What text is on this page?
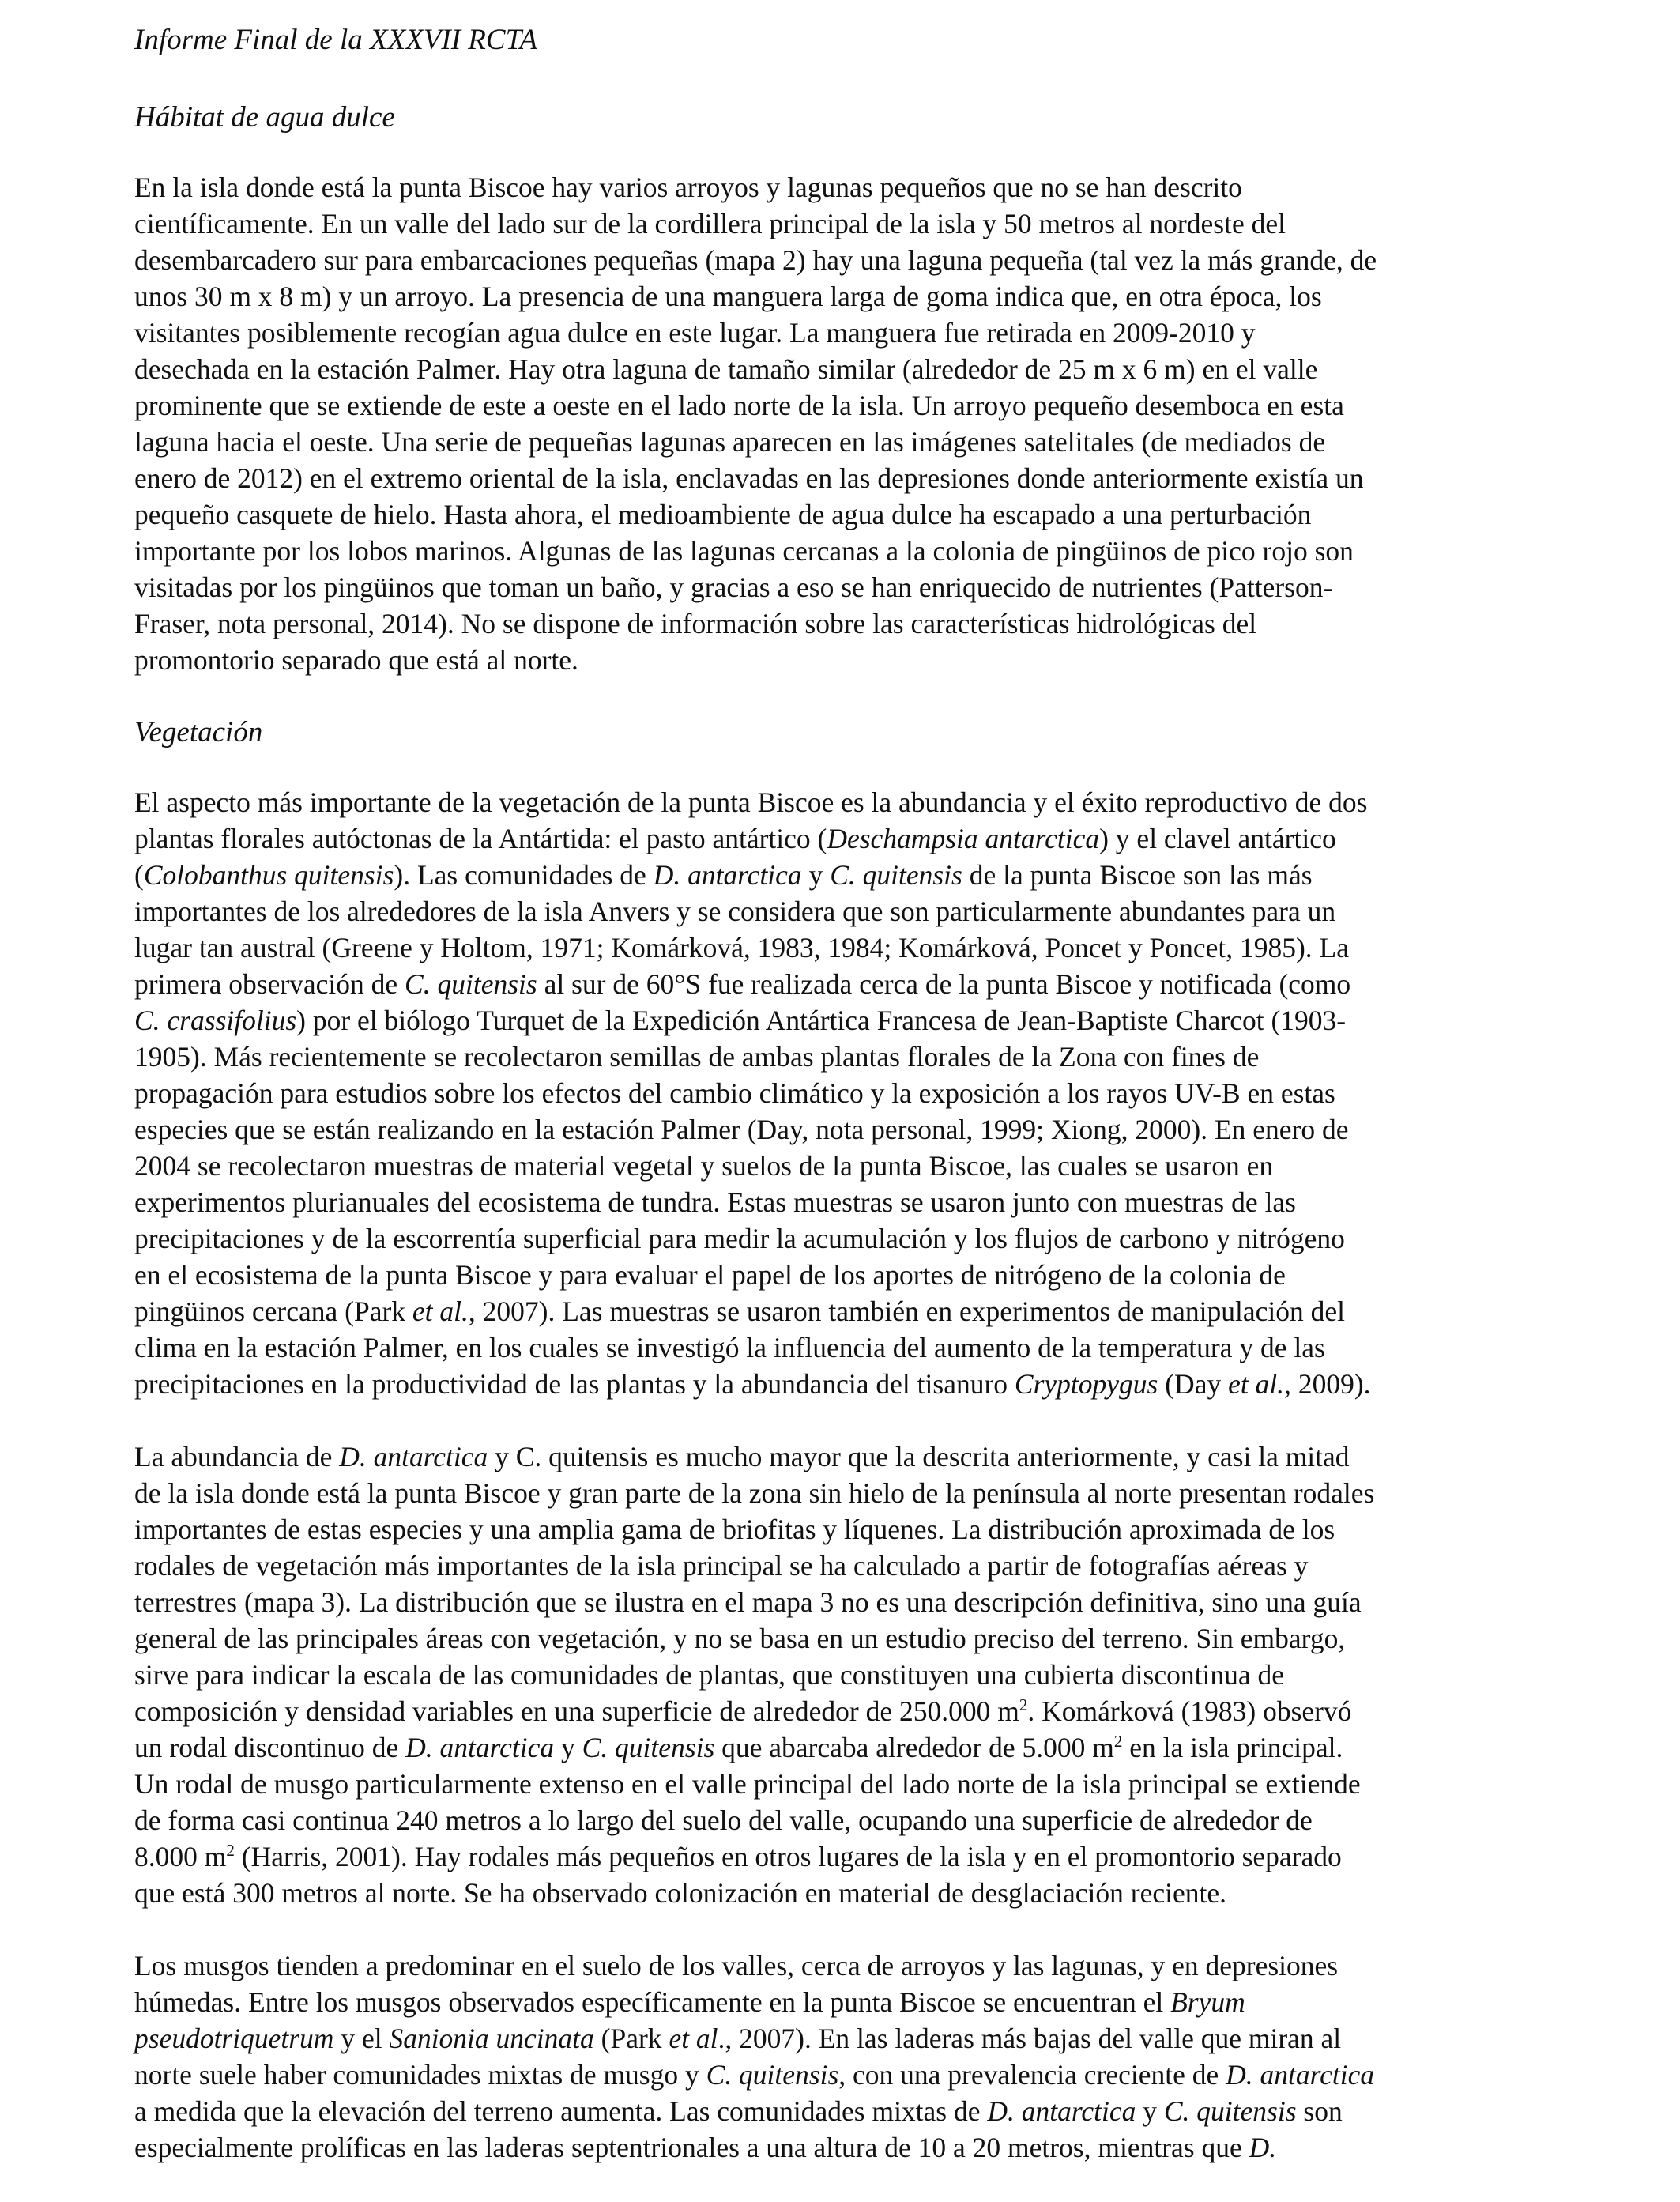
Informe Final de la XXXVII RCTA
Hábitat de agua dulce

En la isla donde está la punta Biscoe hay varios arroyos y lagunas pequeños que no se han descrito
científicamente. En un valle del lado sur de la cordillera principal de la isla y 50 metros al nordeste del
desembarcadero sur para embarcaciones pequeñas (mapa 2) hay una laguna pequeña (tal vez la más grande, de
unos 30 m x 8 m) y un arroyo. La presencia de una manguera larga de goma indica que, en otra época, los
visitantes posiblemente recogían agua dulce en este lugar. La manguera fue retirada en 2009-2010 y
desechada en la estación Palmer. Hay otra laguna de tamaño similar (alrededor de 25 m x 6 m) en el valle
prominente que se extiende de este a oeste en el lado norte de la isla. Un arroyo pequeño desemboca en esta
laguna hacia el oeste. Una serie de pequeñas lagunas aparecen en las imágenes satelitales (de mediados de
enero de 2012) en el extremo oriental de la isla, enclavadas en las depresiones donde anteriormente existía un
pequeño casquete de hielo. Hasta ahora, el medioambiente de agua dulce ha escapado a una perturbación
importante por los lobos marinos. Algunas de las lagunas cercanas a la colonia de pingüinos de pico rojo son
visitadas por los pingüinos que toman un baño, y gracias a eso se han enriquecido de nutrientes (Patterson-
Fraser, nota personal, 2014). No se dispone de información sobre las características hidrológicas del
promontorio separado que está al norte.

Vegetación

El aspecto más importante de la vegetación de la punta Biscoe es la abundancia y el éxito reproductivo de dos
plantas florales autóctonas de la Antártida: el pasto antártico (Deschampsia antarctica) y el clavel antártico
(Colobanthus quitensis). Las comunidades de D. antarctica y C. quitensis de la punta Biscoe son las más
importantes de los alrededores de la isla Anvers y se considera que son particularmente abundantes para un
lugar tan austral (Greene y Holtom, 1971; Komárková, 1983, 1984; Komárková, Poncet y Poncet, 1985). La
primera observación de C. quitensis al sur de 60°S fue realizada cerca de la punta Biscoe y notificada (como
C. crassifolius) por el biólogo Turquet de la Expedición Antártica Francesa de Jean-Baptiste Charcot (1903-
1905). Más recientemente se recolectaron semillas de ambas plantas florales de la Zona con fines de
propagación para estudios sobre los efectos del cambio climático y la exposición a los rayos UV-B en estas
especies que se están realizando en la estación Palmer (Day, nota personal, 1999; Xiong, 2000). En enero de
2004 se recolectaron muestras de material vegetal y suelos de la punta Biscoe, las cuales se usaron en
experimentos plurianuales del ecosistema de tundra. Estas muestras se usaron junto con muestras de las
precipitaciones y de la escorrentía superficial para medir la acumulación y los flujos de carbono y nitrógeno
en el ecosistema de la punta Biscoe y para evaluar el papel de los aportes de nitrógeno de la colonia de
pingüinos cercana (Park et al., 2007). Las muestras se usaron también en experimentos de manipulación del
clima en la estación Palmer, en los cuales se investigó la influencia del aumento de la temperatura y de las
precipitaciones en la productividad de las plantas y la abundancia del tisanuro Cryptopygus (Day et al., 2009).

La abundancia de D. antarctica y C. quitensis es mucho mayor que la descrita anteriormente, y casi la mitad
de la isla donde está la punta Biscoe y gran parte de la zona sin hielo de la península al norte presentan rodales
importantes de estas especies y una amplia gama de briofitas y líquenes. La distribución aproximada de los
rodales de vegetación más importantes de la isla principal se ha calculado a partir de fotografías aéreas y
terrestres (mapa 3). La distribución que se ilustra en el mapa 3 no es una descripción definitiva, sino una guía
general de las principales áreas con vegetación, y no se basa en un estudio preciso del terreno. Sin embargo,
sirve para indicar la escala de las comunidades de plantas, que constituyen una cubierta discontinua de
composición y densidad variables en una superficie de alrededor de 250.000 $m^2$. Komárková (1983) observó
un rodal discontinuo de D. antarctica y C. quitensis que abarcaba alrededor de 5.000 $m^2$ en la isla principal.
Un rodal de musgo particularmente extenso en el valle principal del lado norte de la isla principal se extiende
de forma casi continua 240 metros a lo largo del suelo del valle, ocupando una superficie de alrededor de
8.000 $m^2$ (Harris, 2001). Hay rodales más pequeños en otros lugares de la isla y en el promontorio separado
que está 300 metros al norte. Se ha observado colonización en material de desglaciación reciente.

Los musgos tienden a predominar en el suelo de los valles, cerca de arroyos y las lagunas, y en depresiones
húmedas. Entre los musgos observados específicamente en la punta Biscoe se encuentran el Bryum
pseudotriquetrum y el Sanionia uncinata (Park et al., 2007). En las laderas más bajas del valle que miran al
norte suele haber comunidades mixtas de musgo y C. quitensis, con una prevalencia creciente de D. antarctica
a medida que la elevación del terreno aumenta. Las comunidades mixtas de D. antarctica y C. quitensis son
especialmente prolíficas en las laderas septentrionales a una altura de 10 a 20 metros, mientras que D.
